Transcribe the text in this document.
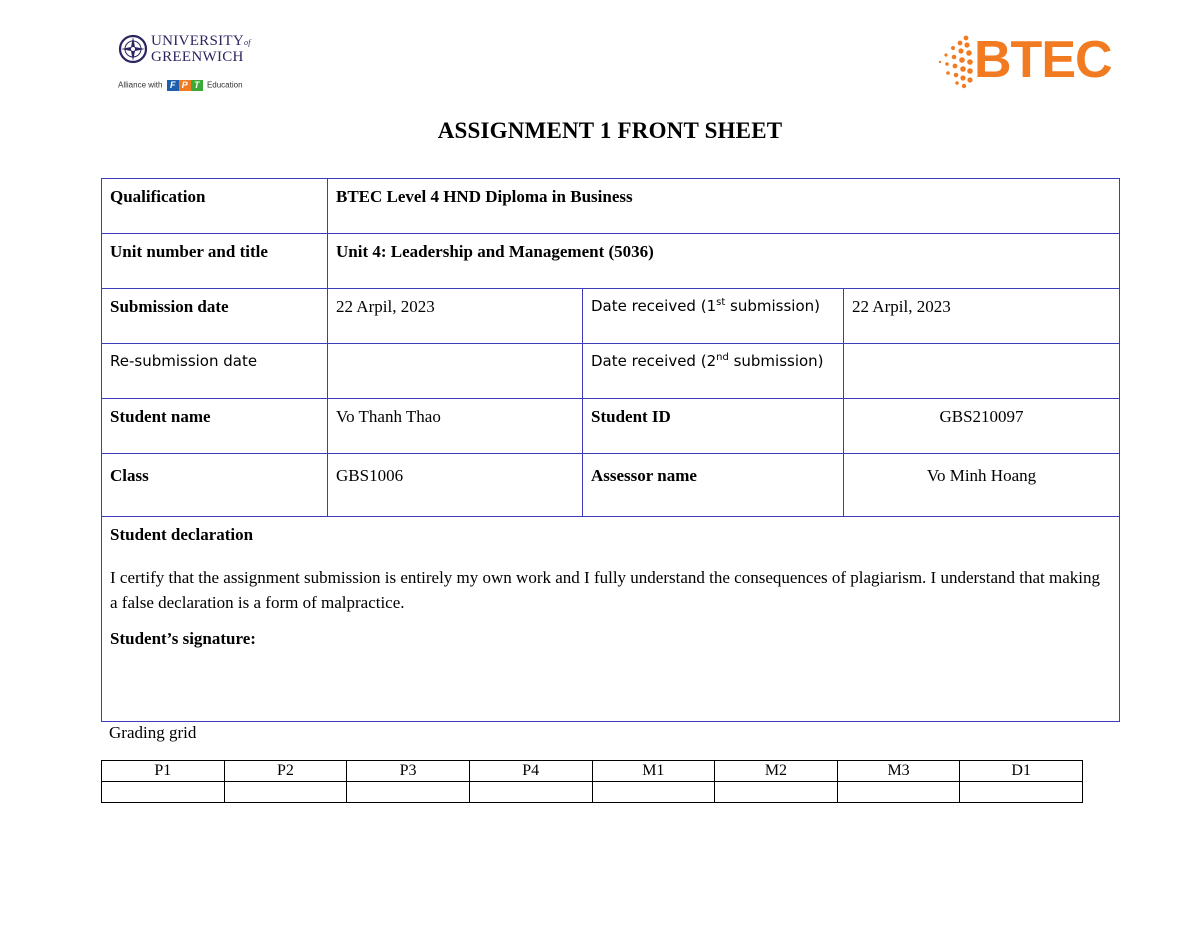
UNIVERSITYof
GREENWICH
Alliance with F P T Education	BTEC
ASSIGNMENT 1 FRONT SHEET
Qualification	BTEC Level 4 HND Diploma in Business		
Unit number and title	Unit 4: Leadership and Management (5036)		
Submission date	22 Arpil, 2023	Date received (1st submission)	22 Arpil, 2023
Re-submission date		Date received (2nd submission)	
Student name	Vo Thanh Thao	Student ID	GBS210097
Class	GBS1006	Assessor name	Vo Minh Hoang

Student declaration

I certify that the assignment submission is entirely my own work and I fully understand the consequences of plagiarism. I understand that making a false declaration is a form of malpractice.

Student’s signature:			

Grading grid
P1	P2	P3	P4	M1	M2	M3	D1
